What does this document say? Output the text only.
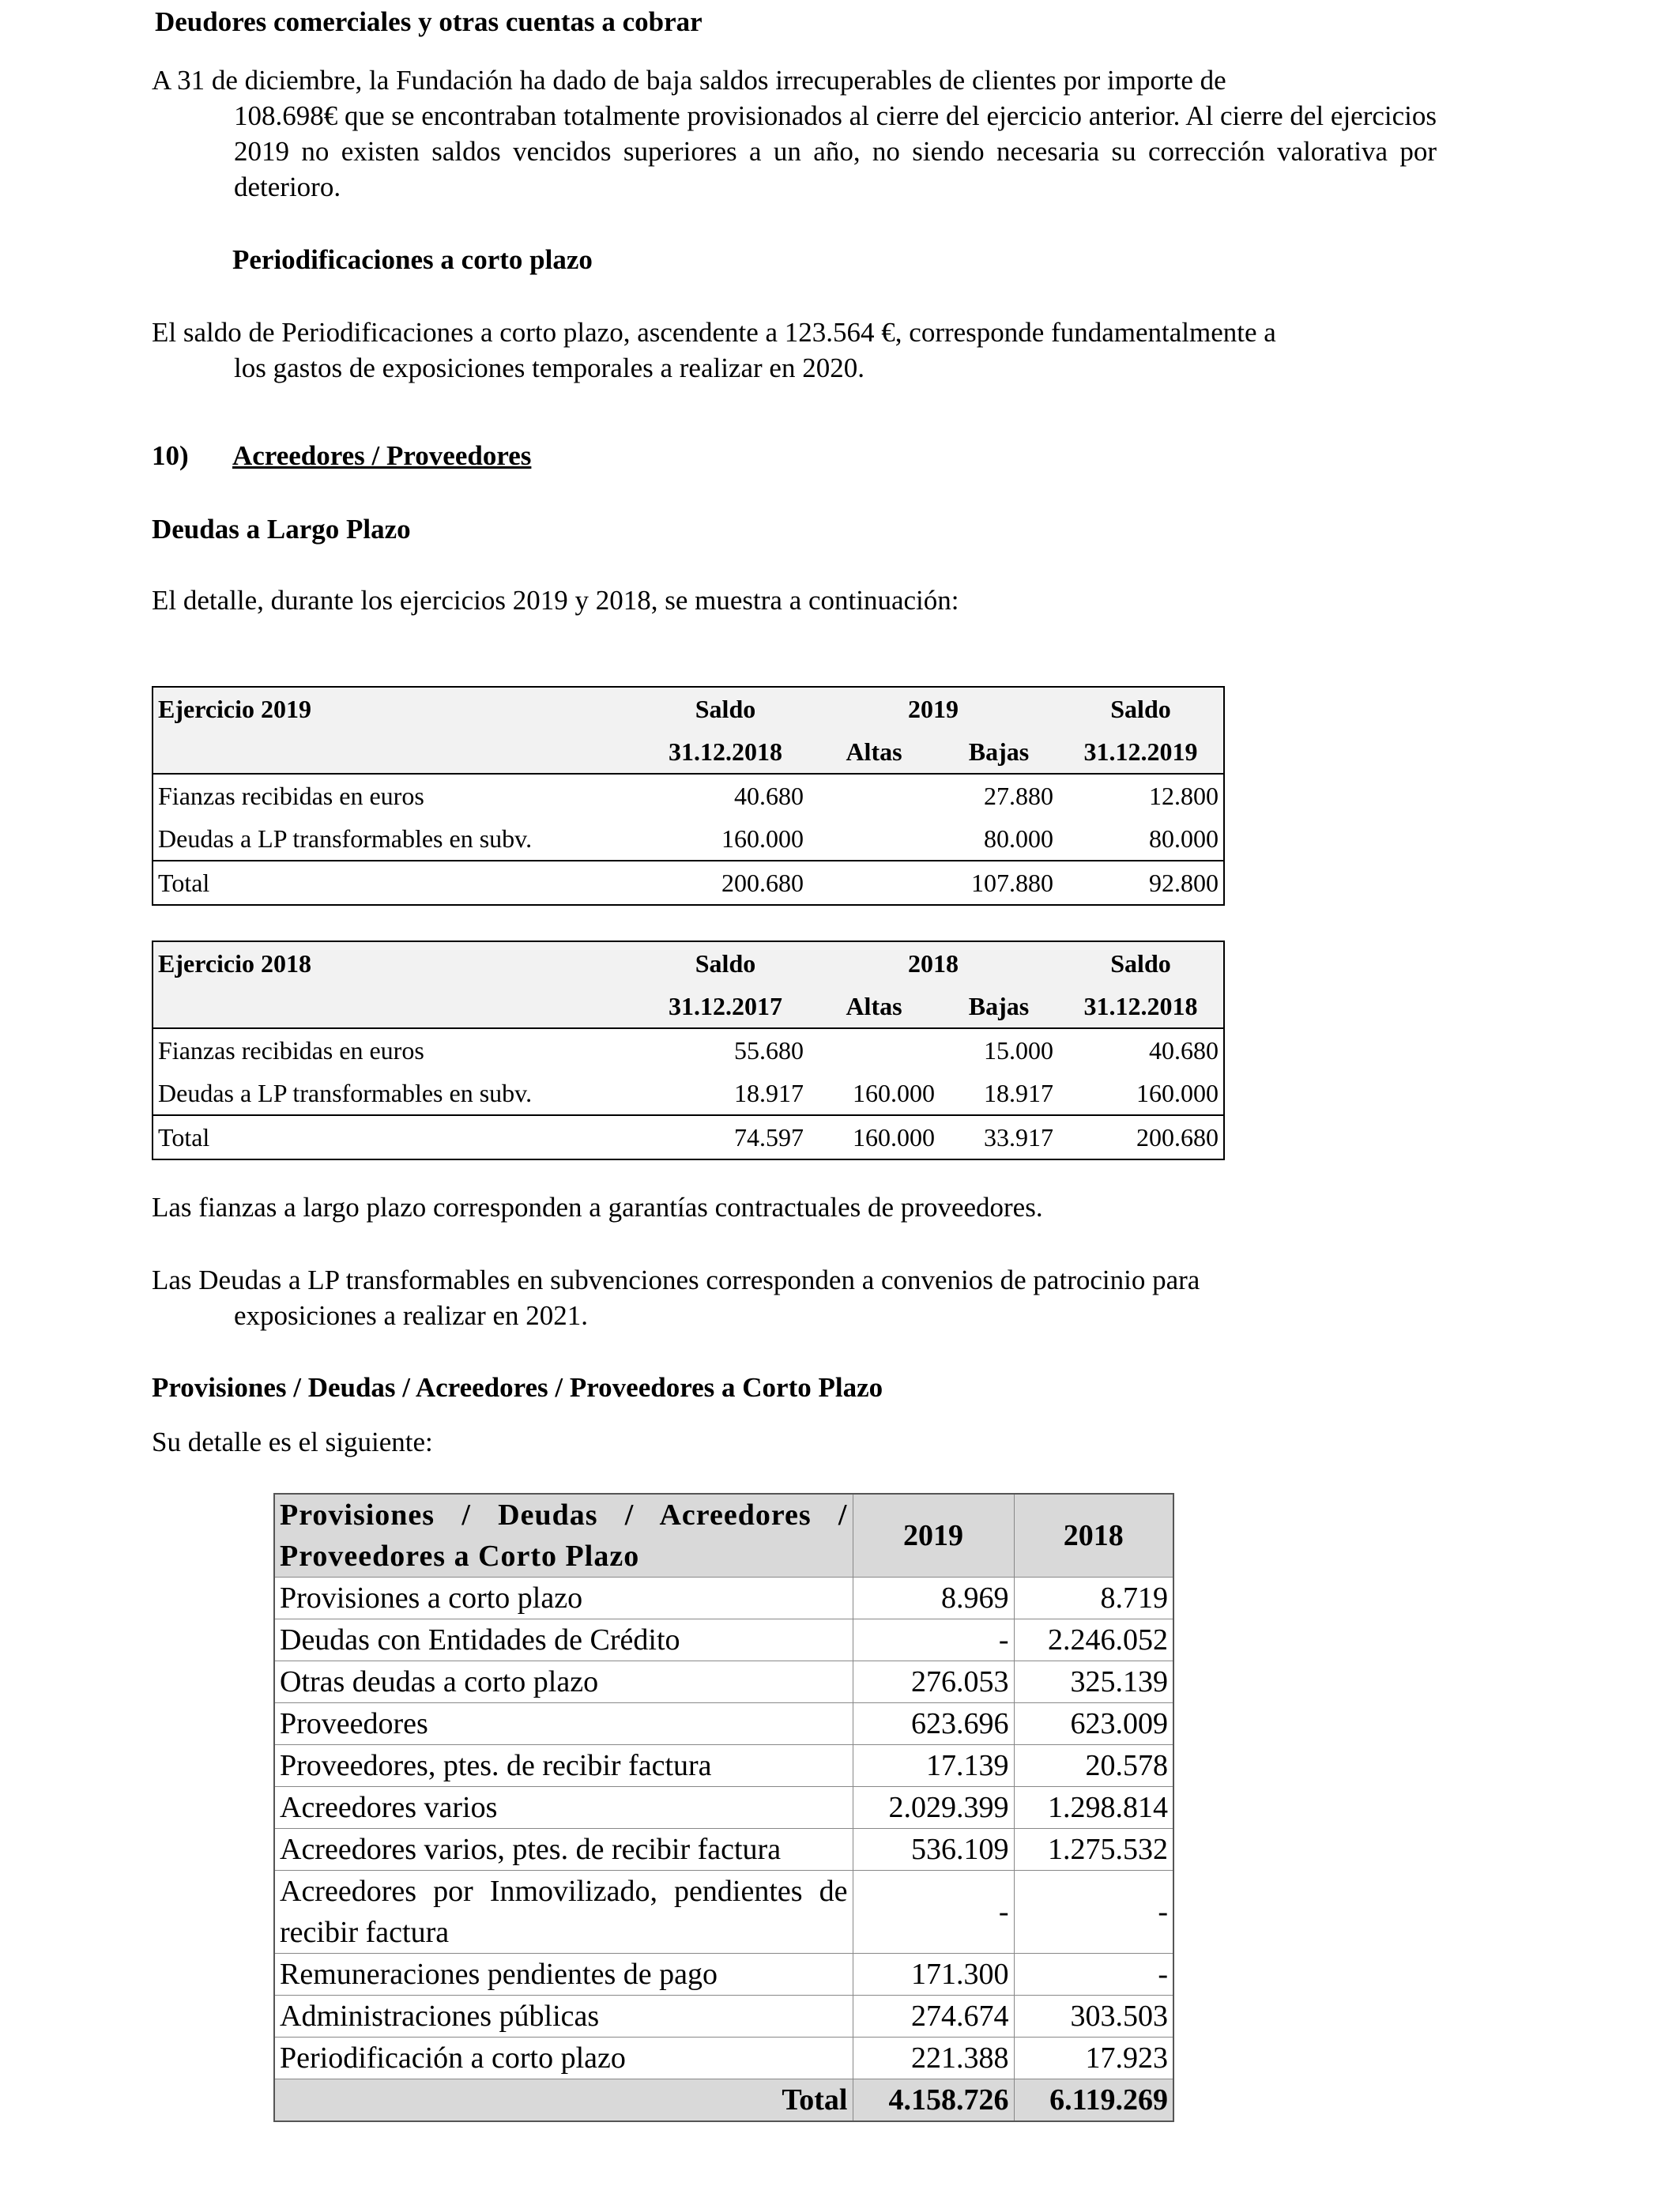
Deudores comerciales y otras cuentas a cobrar
A 31 de diciembre, la Fundación ha dado de baja saldos irrecuperables de clientes por importe de
108.698€ que se encontraban totalmente provisionados al cierre del ejercicio anterior. Al cierre del ejercicios 2019 no existen saldos vencidos superiores a un año, no siendo necesaria su corrección valorativa por deterioro.
Periodificaciones a corto plazo
El saldo de Periodificaciones a corto plazo, ascendente a 123.564 €, corresponde fundamentalmente a
los gastos de exposiciones temporales a realizar en 2020.
10) Acreedores / Proveedores
Deudas a Largo Plazo
El detalle, durante los ejercicios 2019 y 2018, se muestra a continuación:
Ejercicio 2019	Saldo	2019		Saldo
	31.12.2018	Altas	Bajas	31.12.2019
Fianzas recibidas en euros	40.680		27.880	12.800
Deudas a LP transformables en subv.	160.000		80.000	80.000
Total	200.680		107.880	92.800
Ejercicio 2018	Saldo	2018		Saldo
	31.12.2017	Altas	Bajas	31.12.2018
Fianzas recibidas en euros	55.680		15.000	40.680
Deudas a LP transformables en subv.	18.917	160.000	18.917	160.000
Total	74.597	160.000	33.917	200.680
Las fianzas a largo plazo corresponden a garantías contractuales de proveedores.
Las Deudas a LP transformables en subvenciones corresponden a convenios de patrocinio para
exposiciones a realizar en 2021.
Provisiones / Deudas / Acreedores / Proveedores a Corto Plazo
Su detalle es el siguiente:
Provisiones / Deudas / Acreedores / Proveedores a Corto Plazo	2019	2018
Provisiones a corto plazo	8.969	8.719
Deudas con Entidades de Crédito	-	2.246.052
Otras deudas a corto plazo	276.053	325.139
Proveedores	623.696	623.009
Proveedores, ptes. de recibir factura	17.139	20.578
Acreedores varios	2.029.399	1.298.814
Acreedores varios, ptes. de recibir factura	536.109	1.275.532
Acreedores por Inmovilizado, pendientes de recibir factura	-	-
Remuneraciones pendientes de pago	171.300	-
Administraciones públicas	274.674	303.503
Periodificación a corto plazo	221.388	17.923
Total	4.158.726	6.119.269
